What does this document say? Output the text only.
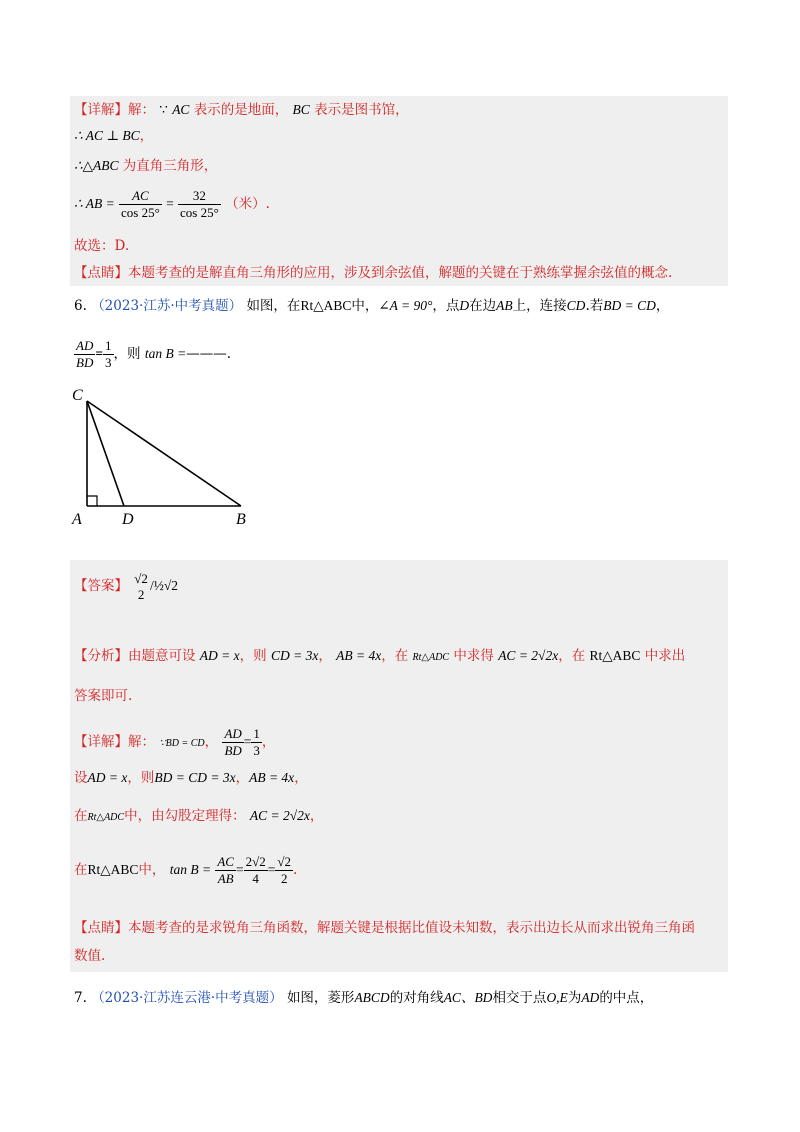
【详解】解： ∵ AC 表示的是地面， BC 表示是图书馆，
∴ AC ⊥ BC，
∴△ABC 为直角三角形，
∴ AB = $\frac{AC}{\cos 25^\circ} = \frac{32}{\cos 25^\circ}$ （米）.
故选：D.
【点睛】本题考查的是解直角三角形的应用，涉及到余弦值，解题的关键在于熟练掌握余弦值的概念.
6. （2023·江苏·中考真题） 如图，在Rt△ABC中，∠A = 90°，点D在边AB上，连接CD.若BD = CD，
$\frac{AD}{BD} = \frac{1}{3}$ ，则 tan B =———.
C
A	D	B
【答案】 √2
2
/½√2
【分析】由题意可设 AD = x，则 CD = 3x， AB = 4x，在 Rt△ADC 中求得 AC = 2√2x，在 Rt△ABC 中求出
答案即可.
【详解】解： ∵BD = CD， $\frac{AD}{BD} = \frac{1}{3}$ ，
设AD = x，则BD = CD = 3x，AB = 4x，
在Rt△ADC中，由勾股定理得： AC = 2√2x，
在Rt△ABC中， $\tan B = \frac{AC}{AB} = \frac{2√2}{4} = \frac{√2}{2}$ .
【点睛】本题考查的是求锐角三角函数，解题关键是根据比值设未知数，表示出边长从而求出锐角三角函
数值.
7. （2023·江苏连云港·中考真题） 如图，菱形ABCD的对角线AC、BD相交于点O,E为AD的中点，
